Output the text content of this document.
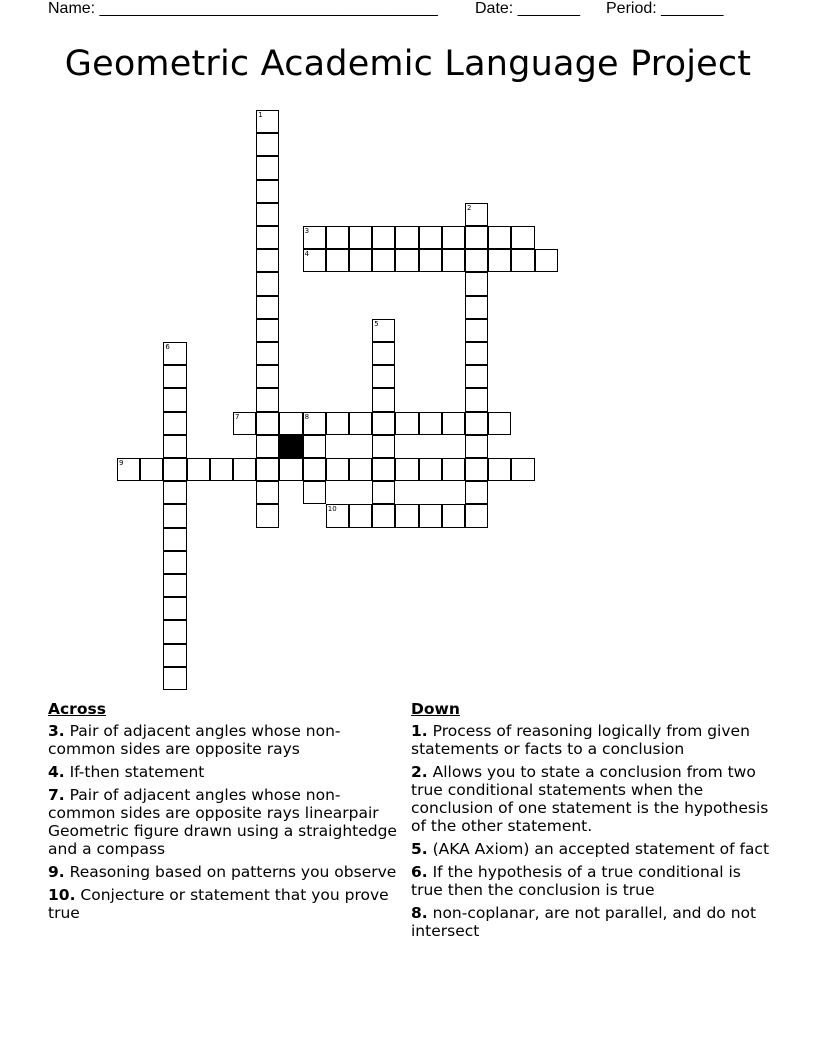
Name: ______________________________________ Date: _______ Period: _______
Geometric Academic Language Project
3
4
7	8
9
10
1
2
5
6
Across
3. Pair of adjacent angles whose non-common sides are opposite rays
4. If-then statement
7. Pair of adjacent angles whose non-common sides are opposite rays linearpair Geometric figure drawn using a straightedge and a compass
9. Reasoning based on patterns you observe
10. Conjecture or statement that you prove true
Down
1. Process of reasoning logically from given statements or facts to a conclusion
2. Allows you to state a conclusion from two true conditional statements when the conclusion of one statement is the hypothesis of the other statement.
5. (AKA Axiom) an accepted statement of fact
6. If the hypothesis of a true conditional is true then the conclusion is true
8. non-coplanar, are not parallel, and do not intersect
